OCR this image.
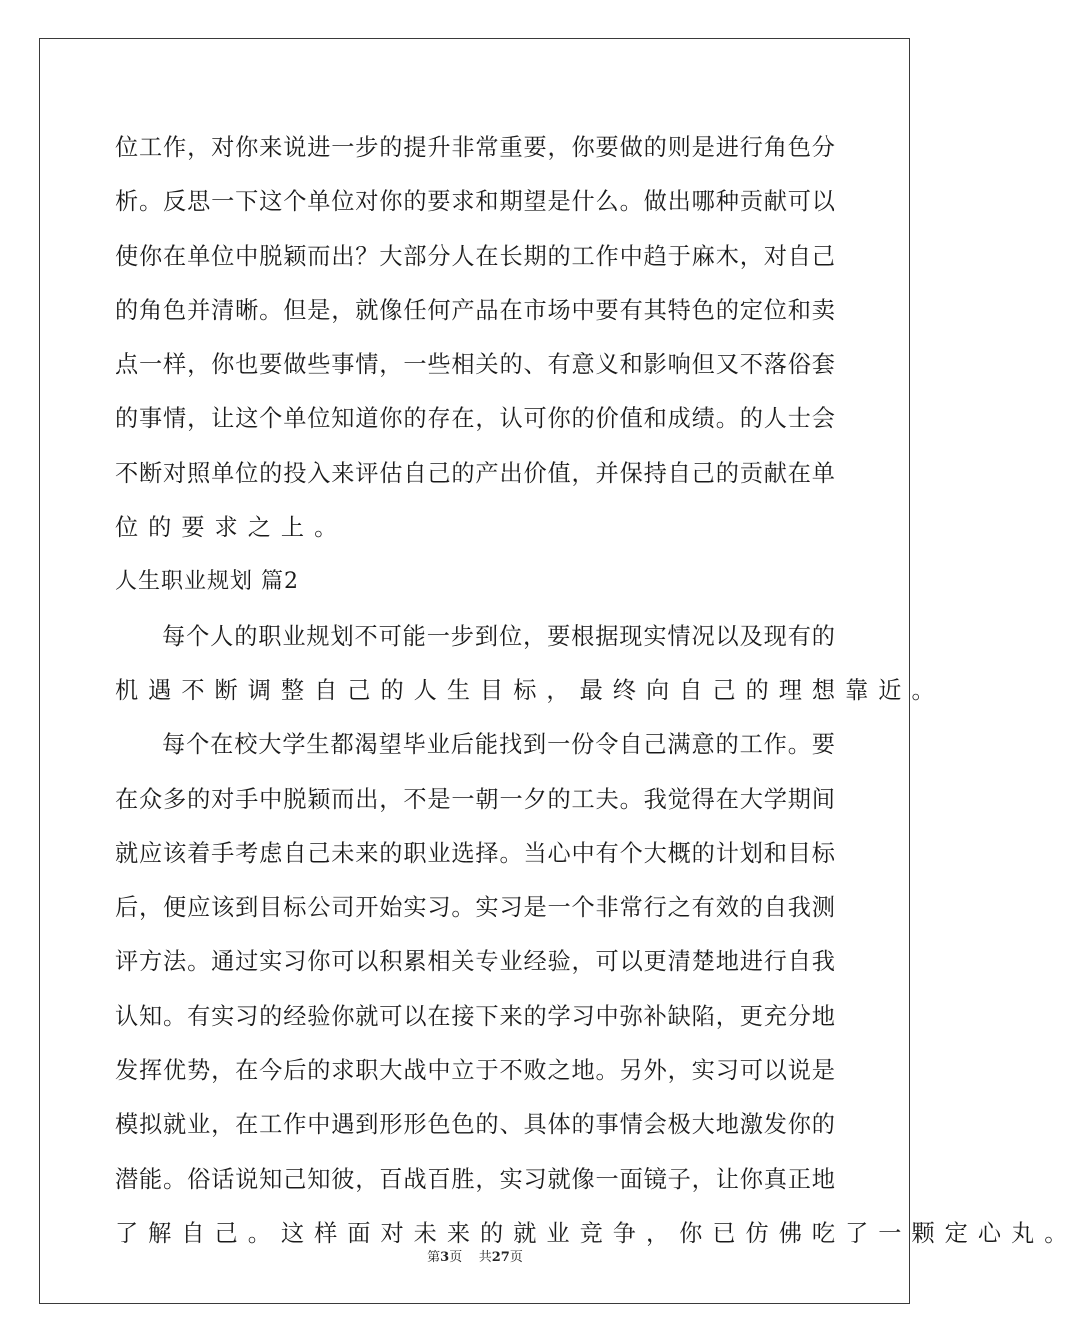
位工作，对你来说进一步的提升非常重要，你要做的则是进行角色分
析。反思一下这个单位对你的要求和期望是什么。做出哪种贡献可以
使你在单位中脱颖而出？大部分人在长期的工作中趋于麻木，对自己
的角色并清晰。但是，就像任何产品在市场中要有其特色的定位和卖
点一样，你也要做些事情，一些相关的、有意义和影响但又不落俗套
的事情，让这个单位知道你的存在，认可你的价值和成绩。的人士会
不断对照单位的投入来评估自己的产出价值，并保持自己的贡献在单
位的要求之上。
人生职业规划 篇2
每个人的职业规划不可能一步到位，要根据现实情况以及现有的
机遇不断调整自己的人生目标，最终向自己的理想靠近。
每个在校大学生都渴望毕业后能找到一份令自己满意的工作。要
在众多的对手中脱颖而出，不是一朝一夕的工夫。我觉得在大学期间
就应该着手考虑自己未来的职业选择。当心中有个大概的计划和目标
后，便应该到目标公司开始实习。实习是一个非常行之有效的自我测
评方法。通过实习你可以积累相关专业经验，可以更清楚地进行自我
认知。有实习的经验你就可以在接下来的学习中弥补缺陷，更充分地
发挥优势，在今后的求职大战中立于不败之地。另外，实习可以说是
模拟就业，在工作中遇到形形色色的、具体的事情会极大地激发你的
潜能。俗话说知己知彼，百战百胜，实习就像一面镜子，让你真正地
了解自己。这样面对未来的就业竞争，你已仿佛吃了一颗定心丸。
第3页 共27页
